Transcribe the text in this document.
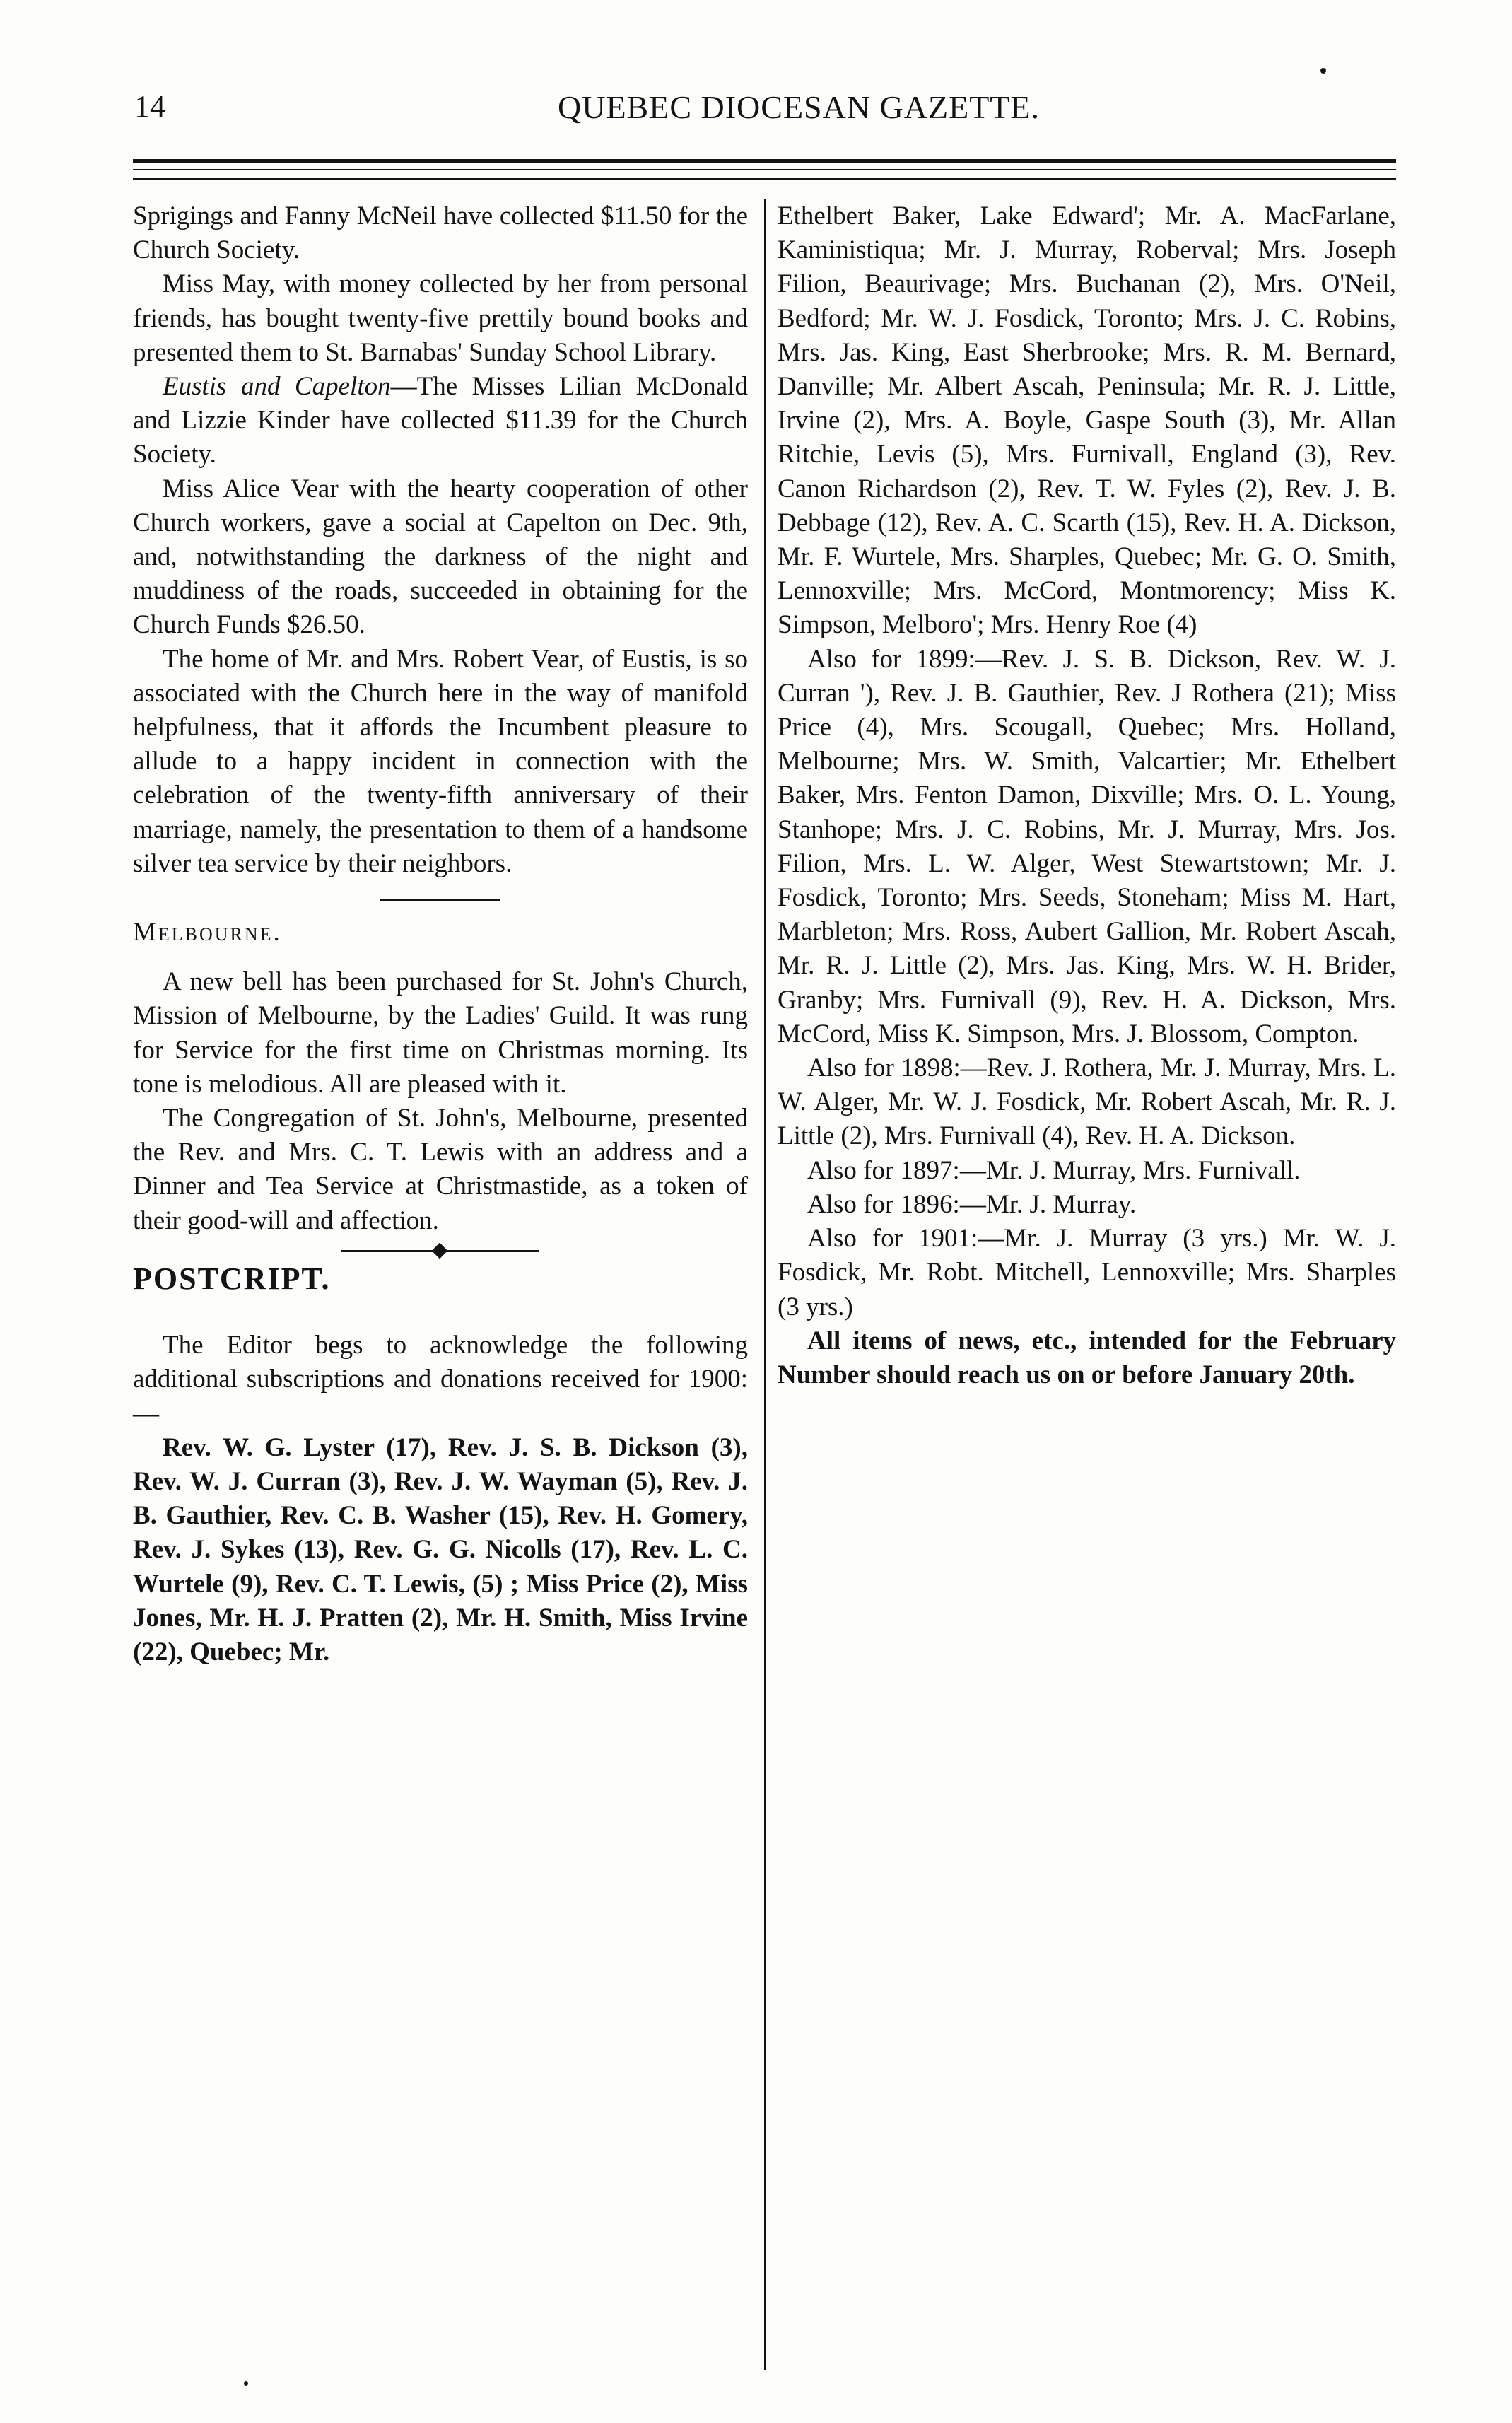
14	QUEBEC DIOCESAN GAZETTE.

Sprigings and Fanny McNeil have collected $11.50 for the Church Society.

Miss May, with money collected by her from personal friends, has bought twenty-five prettily bound books and presented them to St. Barnabas' Sunday School Library.

Eustis and Capelton—The Misses Lilian McDonald and Lizzie Kinder have collected $11.39 for the Church Society.

Miss Alice Vear with the hearty cooperation of other Church workers, gave a social at Capelton on Dec. 9th, and, notwithstanding the darkness of the night and muddiness of the roads, succeeded in obtaining for the Church Funds $26.50.

The home of Mr. and Mrs. Robert Vear, of Eustis, is so associated with the Church here in the way of manifold helpfulness, that it affords the Incumbent pleasure to allude to a happy incident in connection with the celebration of the twenty-fifth anniversary of their marriage, namely, the presentation to them of a handsome silver tea service by their neighbors.

Melbourne.

A new bell has been purchased for St. John's Church, Mission of Melbourne, by the Ladies' Guild. It was rung for Service for the first time on Christmas morning. Its tone is melodious. All are pleased with it.

The Congregation of St. John's, Melbourne, presented the Rev. and Mrs. C. T. Lewis with an address and a Dinner and Tea Service at Christmastide, as a token of their good-will and affection.

POSTCRIPT.

The Editor begs to acknowledge the following additional subscriptions and donations received for 1900:—

Rev. W. G. Lyster (17), Rev. J. S. B. Dickson (3), Rev. W. J. Curran (3), Rev. J. W. Wayman (5), Rev. J. B. Gauthier, Rev. C. B. Washer (15), Rev. H. Gomery, Rev. J. Sykes (13), Rev. G. G. Nicolls (17), Rev. L. C. Wurtele (9), Rev. C. T. Lewis, (5) ; Miss Price (2), Miss Jones, Mr. H. J. Pratten (2), Mr. H. Smith, Miss Irvine (22), Quebec; Mr.

Ethelbert Baker, Lake Edward'; Mr. A. MacFarlane, Kaministiqua; Mr. J. Murray, Roberval; Mrs. Joseph Filion, Beaurivage; Mrs. Buchanan (2), Mrs. O'Neil, Bedford; Mr. W. J. Fosdick, Toronto; Mrs. J. C. Robins, Mrs. Jas. King, East Sherbrooke; Mrs. R. M. Bernard, Danville; Mr. Albert Ascah, Peninsula; Mr. R. J. Little, Irvine (2), Mrs. A. Boyle, Gaspe South (3), Mr. Allan Ritchie, Levis (5), Mrs. Furnivall, England (3), Rev. Canon Richardson (2), Rev. T. W. Fyles (2), Rev. J. B. Debbage (12), Rev. A. C. Scarth (15), Rev. H. A. Dickson, Mr. F. Wurtele, Mrs. Sharples, Quebec; Mr. G. O. Smith, Lennoxville; Mrs. McCord, Montmorency; Miss K. Simpson, Melboro'; Mrs. Henry Roe (4)

Also for 1899:—Rev. J. S. B. Dickson, Rev. W. J. Curran '), Rev. J. B. Gauthier, Rev. J Rothera (21); Miss Price (4), Mrs. Scougall, Quebec; Mrs. Holland, Melbourne; Mrs. W. Smith, Valcartier; Mr. Ethelbert Baker, Mrs. Fenton Damon, Dixville; Mrs. O. L. Young, Stanhope; Mrs. J. C. Robins, Mr. J. Murray, Mrs. Jos. Filion, Mrs. L. W. Alger, West Stewartstown; Mr. J. Fosdick, Toronto; Mrs. Seeds, Stoneham; Miss M. Hart, Marbleton; Mrs. Ross, Aubert Gallion, Mr. Robert Ascah, Mr. R. J. Little (2), Mrs. Jas. King, Mrs. W. H. Brider, Granby; Mrs. Furnivall (9), Rev. H. A. Dickson, Mrs. McCord, Miss K. Simpson, Mrs. J. Blossom, Compton.

Also for 1898:—Rev. J. Rothera, Mr. J. Murray, Mrs. L. W. Alger, Mr. W. J. Fosdick, Mr. Robert Ascah, Mr. R. J. Little (2), Mrs. Furnivall (4), Rev. H. A. Dickson.

Also for 1897:—Mr. J. Murray, Mrs. Furnivall.

Also for 1896:—Mr. J. Murray.

Also for 1901:—Mr. J. Murray (3 yrs.) Mr. W. J. Fosdick, Mr. Robt. Mitchell, Lennoxville; Mrs. Sharples (3 yrs.)

All items of news, etc., intended for the February Number should reach us on or before January 20th.
